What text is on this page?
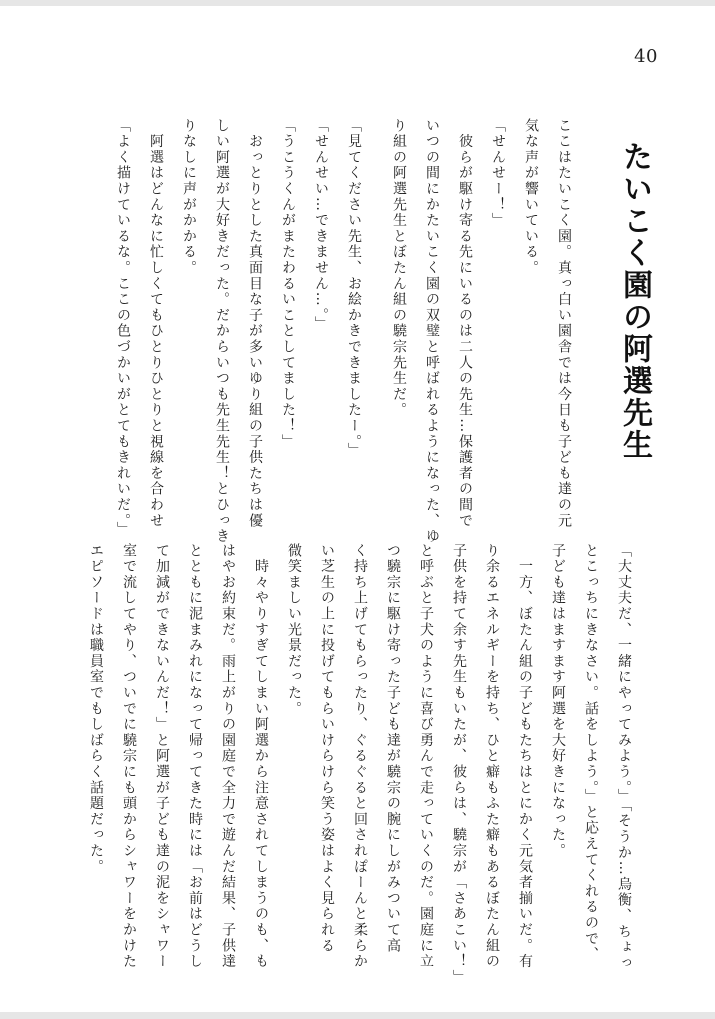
40
たいこく園の阿選先生
ここはたいこく園。真っ白い園舎では今日も子ども達の元
気な声が響いている。
「せんせー！」
　彼らが駆け寄る先にいるのは二人の先生…保護者の間で
いつの間にかたいこく園の双璧と呼ばれるようになった、ゆ
り組の阿選先生とぼたん組の驍宗先生だ。
「見てください先生、お絵かきできましたー。」
「せんせい…できません…。」
「うこうくんがまたわるいことしてました！」
　おっとりとした真面目な子が多いゆり組の子供たちは優
しい阿選が大好きだった。だからいつも先生先生！とひっき
りなしに声がかかる。
　阿選はどんなに忙しくてもひとりひとりと視線を合わせ
「よく描けているな。ここの色づかいがとてもきれいだ。」
「大丈夫だ、一緒にやってみよう。」「そうか…烏衡、ちょっ
とこっちにきなさい。話をしよう。」と応えてくれるので、
子ども達はますます阿選を大好きになった。
　一方、ぼたん組の子どもたちはとにかく元気者揃いだ。有
り余るエネルギーを持ち、ひと癖もふた癖もあるぼたん組の
子供を持て余す先生もいたが、彼らは、驍宗が「さあこい！」
と呼ぶと子犬のように喜び勇んで走っていくのだ。園庭に立
つ驍宗に駆け寄った子ども達が驍宗の腕にしがみついて高
く持ち上げてもらったり、ぐるぐると回されぽーんと柔らか
い芝生の上に投げてもらいけらけら笑う姿はよく見られる
微笑ましい光景だった。
　時々やりすぎてしまい阿選から注意されてしまうのも、も
はやお約束だ。雨上がりの園庭で全力で遊んだ結果、子供達
とともに泥まみれになって帰ってきた時には「お前はどうし
て加減ができないんだ！」と阿選が子ども達の泥をシャワー
室で流してやり、ついでに驍宗にも頭からシャワーをかけた
エピソードは職員室でもしばらく話題だった。
